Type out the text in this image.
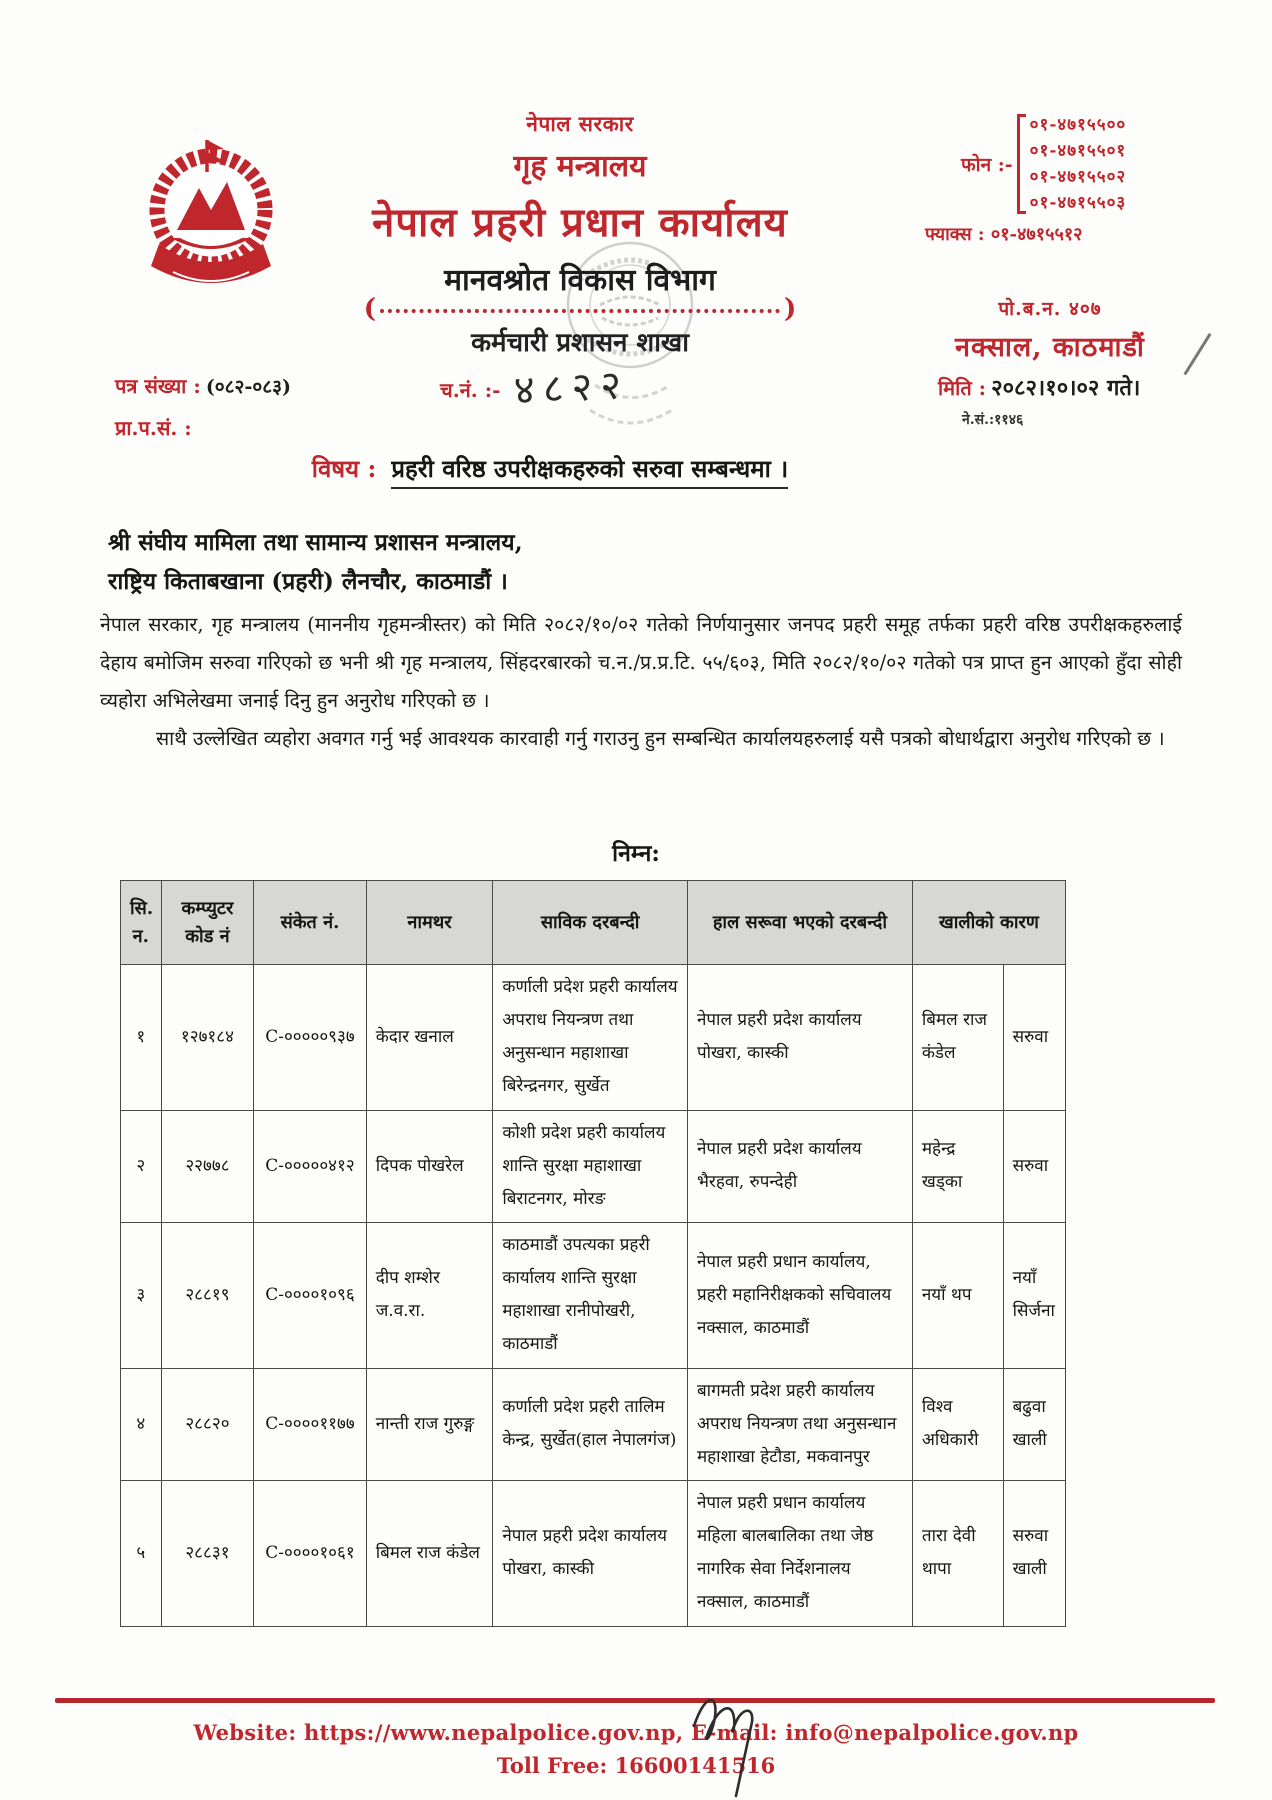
नेपाल सरकार
गृह मन्त्रालय
नेपाल प्रहरी प्रधान कार्यालय
मानवश्रोत विकास विभाग
(	)
कर्मचारी प्रशासन शाखा
फोन :-
०१-४७१५५००
०१-४७१५५०१
०१-४७१५५०२
०१-४७१५५०३
फ्याक्स : ०१-४७१५५१२
पो.ब.न. ४०७
नक्साल, काठमाडौं
पत्र संख्या : (०८२-०८३)
प्रा.प.सं. :
च.नं. :- ४८२२	मिति : २०८२।१०।०२ गते।
ने.सं.:११४६
विषय : प्रहरी वरिष्ठ उपरीक्षकहरुको सरुवा सम्बन्धमा ।
श्री संघीय मामिला तथा सामान्य प्रशासन मन्त्रालय,
राष्ट्रिय किताबखाना (प्रहरी) लैनचौर, काठमाडौं ।

नेपाल सरकार, गृह मन्त्रालय (माननीय गृहमन्त्रीस्तर) को मिति २०८२/१०/०२ गतेको निर्णयानुसार जनपद प्रहरी समूह तर्फका प्रहरी वरिष्ठ उपरीक्षकहरुलाई देहाय बमोजिम सरुवा गरिएको छ भनी श्री गृह मन्त्रालय, सिंहदरबारको च.न./प्र.प्र.टि. ५५/६०३, मिति २०८२/१०/०२ गतेको पत्र प्राप्त हुन आएको हुँदा सोही व्यहोरा अभिलेखमा जनाई दिनु हुन अनुरोध गरिएको छ ।

साथै उल्लेखित व्यहोरा अवगत गर्नु भई आवश्यक कारवाही गर्नु गराउनु हुन सम्बन्धित कार्यालयहरुलाई यसै पत्रको बोधार्थद्वारा अनुरोध गरिएको छ ।

निम्न:
सि. न.	कम्प्युटर कोड नं	संकेत नं.	नामथर	साविक दरबन्दी	हाल सरूवा भएको दरबन्दी	खालीको कारण	
१	१२७१८४	C-०००००९३७	केदार खनाल	कर्णाली प्रदेश प्रहरी कार्यालय अपराध नियन्त्रण तथा अनुसन्धान महाशाखा बिरेन्द्रनगर, सुर्खेत	नेपाल प्रहरी प्रदेश कार्यालय पोखरा, कास्की	बिमल राज कंडेल	सरुवा
२	२२७७८	C-०००००४१२	दिपक पोखरेल	कोशी प्रदेश प्रहरी कार्यालय शान्ति सुरक्षा महाशाखा बिराटनगर, मोरङ	नेपाल प्रहरी प्रदेश कार्यालय भैरहवा, रुपन्देही	महेन्द्र खड्का	सरुवा
३	२८८१९	C-००००१०९६	दीप शम्शेर ज.व.रा.	काठमाडौं उपत्यका प्रहरी कार्यालय शान्ति सुरक्षा महाशाखा रानीपोखरी, काठमाडौं	नेपाल प्रहरी प्रधान कार्यालय, प्रहरी महानिरीक्षकको सचिवालय नक्साल, काठमाडौं	नयाँ थप	नयाँ सिर्जना
४	२८८२०	C-००००११७७	नान्ती राज गुरुङ्ग	कर्णाली प्रदेश प्रहरी तालिम केन्द्र, सुर्खेत(हाल नेपालगंज)	बागमती प्रदेश प्रहरी कार्यालय अपराध नियन्त्रण तथा अनुसन्धान महाशाखा हेटौडा, मकवानपुर	विश्व अधिकारी	बढुवा खाली
५	२८८३१	C-००००१०६१	बिमल राज कंडेल	नेपाल प्रहरी प्रदेश कार्यालय पोखरा, कास्की	नेपाल प्रहरी प्रधान कार्यालय महिला बालबालिका तथा जेष्ठ नागरिक सेवा निर्देशनालय नक्साल, काठमाडौं	तारा देवी थापा	सरुवा खाली
Website: https://www.nepalpolice.gov.np, E-mail: info@nepalpolice.gov.np
Toll Free: 16600141516
